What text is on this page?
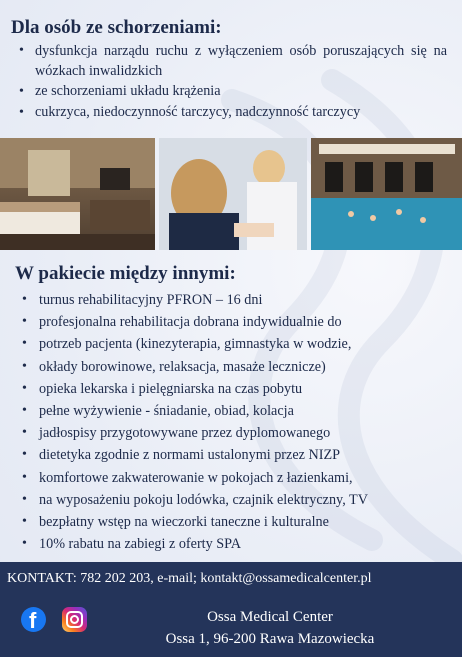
Dla osób ze schorzeniami:
• dysfunkcja narządu ruchu z wyłączeniem osób poruszających się na wózkach inwalidzkich
• ze schorzeniami układu krążenia
• cukrzyca, niedoczynność tarczycy, nadczynność tarczycy
W pakiecie między innymi:
• turnus rehabilitacyjny PFRON – 16 dni
• profesjonalna rehabilitacja dobrana indywidualnie do
• potrzeb pacjenta (kinezyterapia, gimnastyka w wodzie,
• okłady borowinowe, relaksacja, masaże lecznicze)
• opieka lekarska i pielęgniarska na czas pobytu
• pełne wyżywienie - śniadanie, obiad, kolacja
• jadłospisy przygotowywane przez dyplomowanego
• dietetyka zgodnie z normami ustalonymi przez NIZP
• komfortowe zakwaterowanie w pokojach z łazienkami,
• na wyposażeniu pokoju lodówka, czajnik elektryczny, TV
• bezpłatny wstęp na wieczorki taneczne i kulturalne
• 10% rabatu na zabiegi z oferty SPA
KONTAKT: 782 202 203, e-mail; kontakt@ossamedicalcenter.pl
f	Ossa Medical Center
Ossa 1, 96-200 Rawa Mazowiecka
